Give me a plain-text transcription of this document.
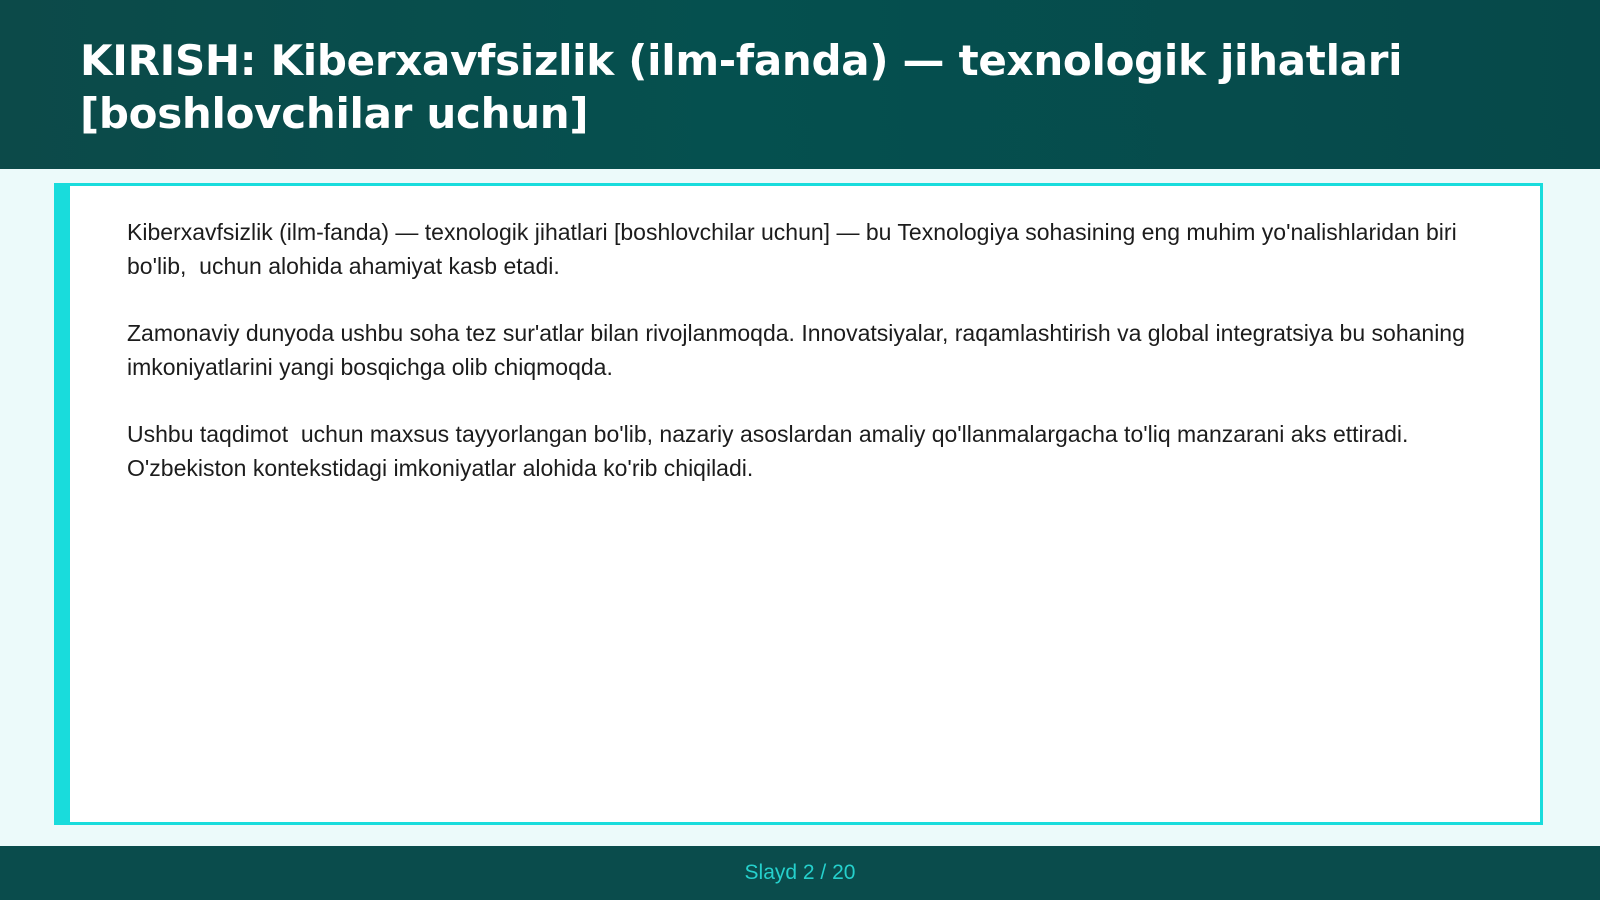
KIRISH: Kiberxavfsizlik (ilm-fanda) — texnologik jihatlari [boshlovchilar uchun]

Kiberxavfsizlik (ilm-fanda) — texnologik jihatlari [boshlovchilar uchun] — bu Texnologiya sohasining eng muhim yo'nalishlaridan biri bo'lib,  uchun alohida ahamiyat kasb etadi.

Zamonaviy dunyoda ushbu soha tez sur'atlar bilan rivojlanmoqda. Innovatsiyalar, raqamlashtirish va global integratsiya bu sohaning imkoniyatlarini yangi bosqichga olib chiqmoqda.

Ushbu taqdimot  uchun maxsus tayyorlangan bo'lib, nazariy asoslardan amaliy qo'llanmalargacha to'liq manzarani aks ettiradi. O'zbekiston kontekstidagi imkoniyatlar alohida ko'rib chiqiladi.

Slayd 2 / 20
